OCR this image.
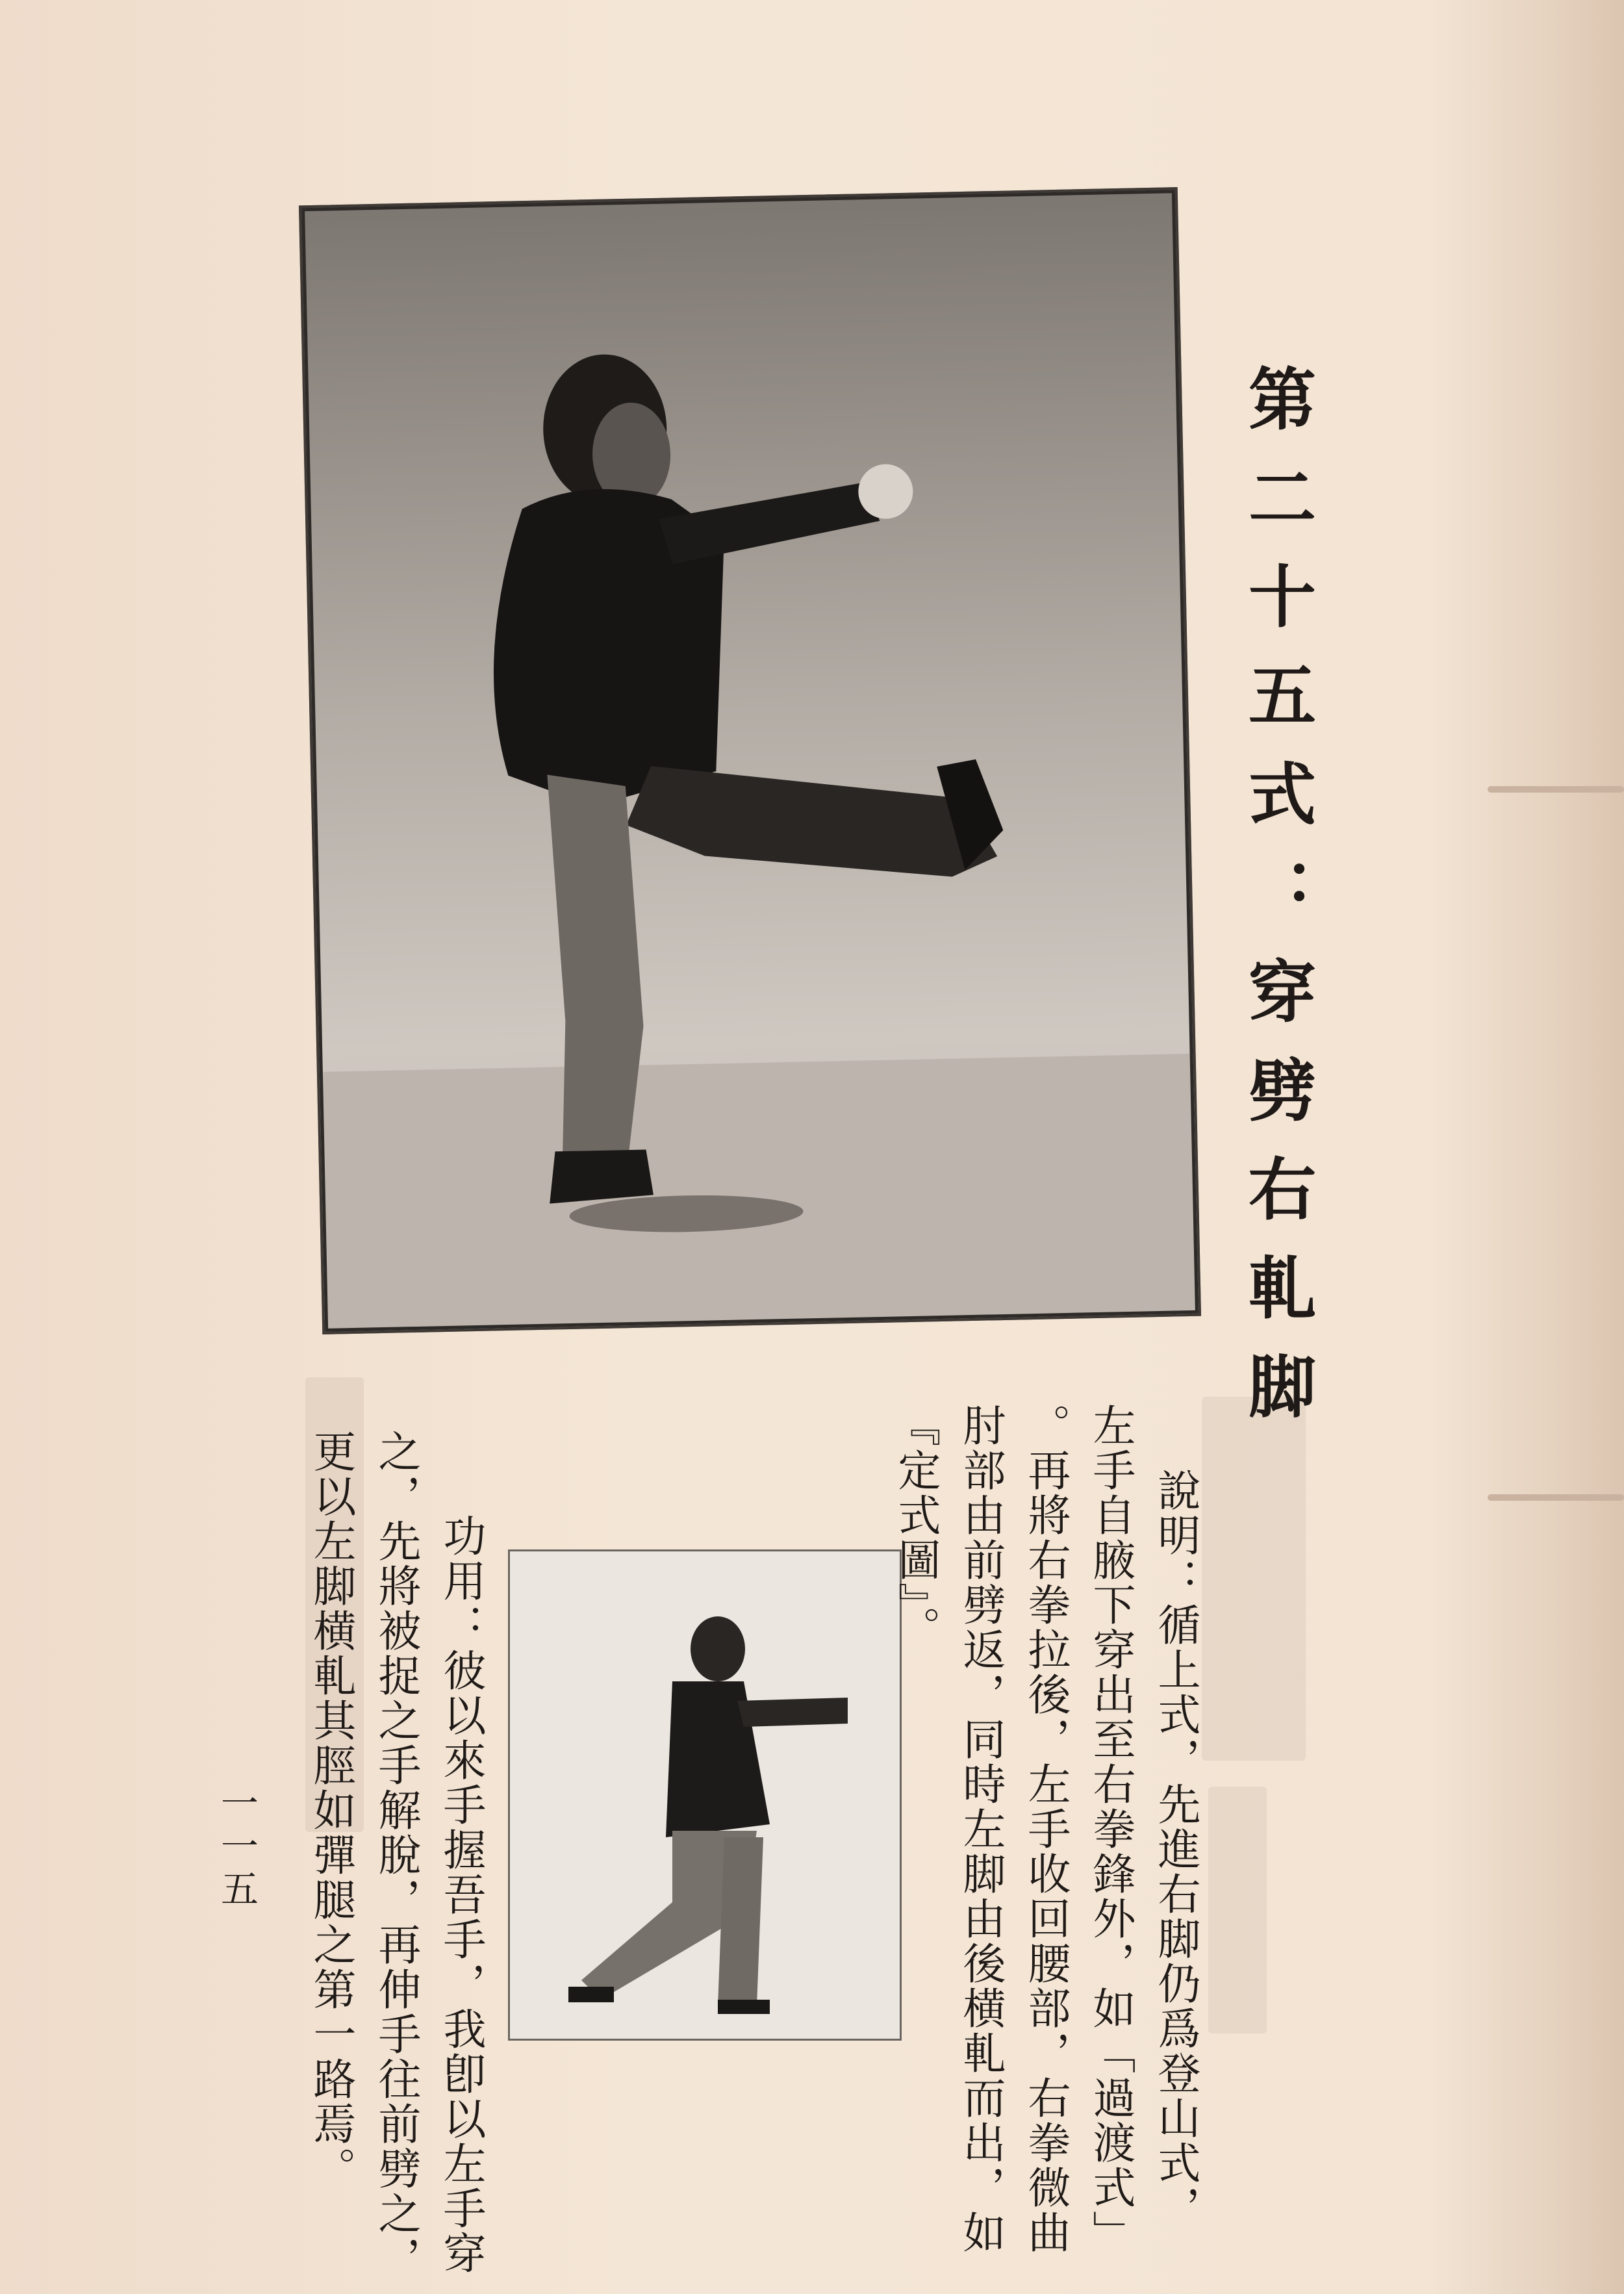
第二十五式：穿劈右軋脚
說明：循上式，先進右脚仍爲登山式，
左手自腋下穿出至右拳鋒外，如「過渡式」
。再將右拳拉後，左手收回腰部，右拳微曲
肘部由前劈返，同時左脚由後横軋而出，如
『定式圖』。
功用：彼以來手握吾手，我卽以左手穿
之，先將被捉之手解脫，再伸手往前劈之，
更以左脚横軋其脛如彈腿之第一路焉。
一一五
